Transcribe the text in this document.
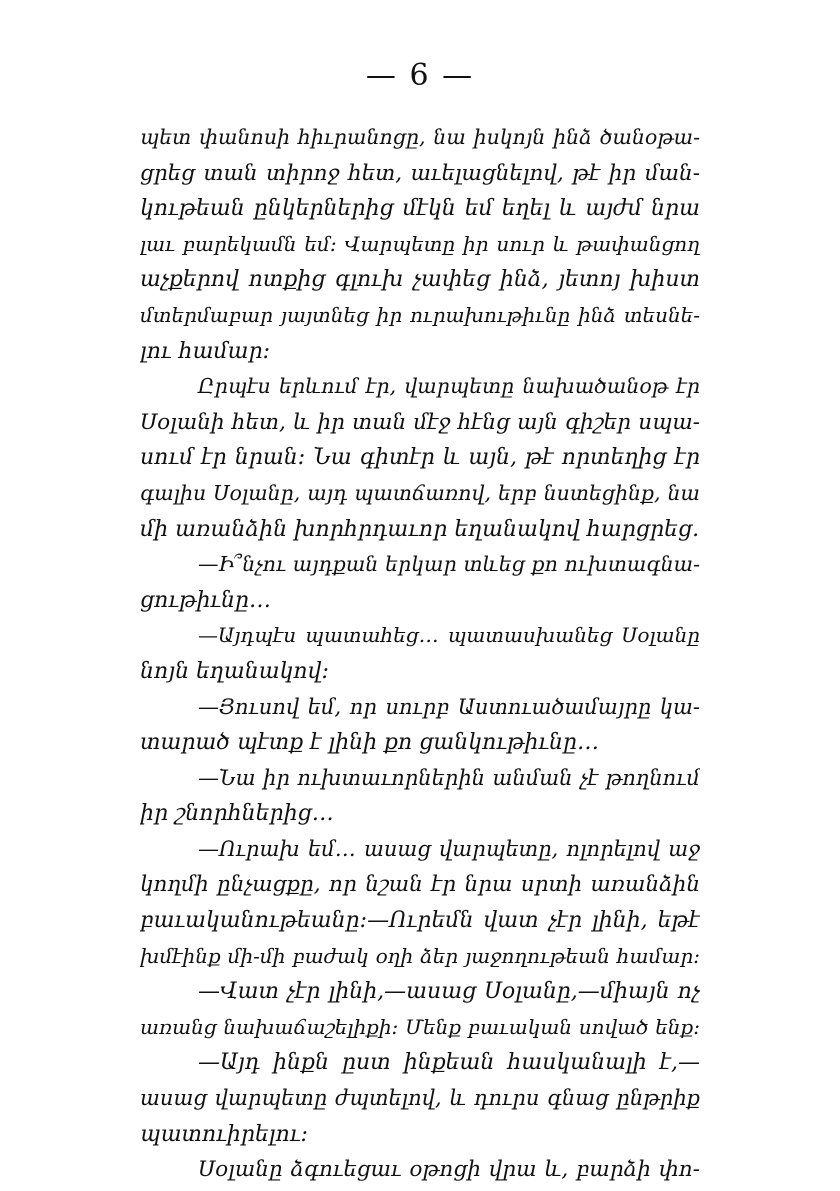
— 6 —
պետ փանոսի հիւրանոցը, նա իսկոյն ինձ ծանօթա-
ցրեց տան տիրոջ հետ, աւելացնելով, թէ իր ման-
կութեան ընկերներից մէկն եմ եղել և այժմ նրա
լաւ բարեկամն եմ։ Վարպետը իր սուր և թափանցող
աչքերով ոտքից գլուխ չափեց ինձ, յետոյ խիստ
մտերմաբար յայտնեց իր ուրախութիւնը ինձ տեսնե-
լու համար։
Ըրպէս երևում էր, վարպետը նախածանօթ էր
Սօլանի հետ, և իր տան մէջ հէնց այն գիշեր սպա-
սում էր նրան։ Նա գիտէր և այն, թէ որտեղից էր
գալիս Սօլանը, այդ պատճառով, երբ նստեցինք, նա
մի առանձին խորհրդաւոր եղանակով հարցրեց.
—Ի՞նչու այդքան երկար տևեց քո ուխտագնա-
ցութիւնը…
—Այդպէս պատահեց… պատասխանեց Սօլանը
նոյն եղանակով։
—Յուսով եմ, որ սուրբ Աստուածամայրը կա-
տարած պէտք է լինի քո ցանկութիւնը…
—Նա իր ուխտաւորներին անման չէ թողնում
իր շնորհներից…
—Ուրախ եմ… ասաց վարպետը, ոլորելով աջ
կողմի ընչացքը, որ նշան էր նրա սրտի առանձին
բաւականութեանը։—Ուրեմն վատ չէր լինի, եթէ
խմէինք մի-մի բաժակ օղի ձեր յաջողութեան համար։
—Վատ չէր լինի,—ասաց Սօլանը,—միայն ոչ
առանց նախաճաշելիքի։ Մենք բաւական սոված ենք։
—Այդ ինքն ըստ ինքեան հասկանալի է,—
ասաց վարպետը ժպտելով, և դուրս գնաց ընթրիք
պատուիրելու։
Սօլանը ձգուեցաւ օթոցի վրա և, բարձի փո-
